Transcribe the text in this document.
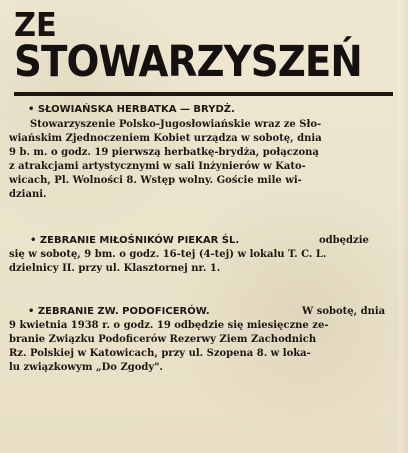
ZE
STOWARZYSZEŃ
• SŁOWIAŃSKA HERBATKA — BRYDŻ.
Stowarzyszenie Polsko-Jugosłowiańskie wraz ze Sło-
wiańskim Zjednoczeniem Kobiet urządza w sobotę, dnia
9 b. m. o godz. 19 pierwszą herbatkę-brydża, połączoną
z atrakcjami artystycznymi w sali Inżynierów w Kato-
wicach, Pl. Wolności 8. Wstęp wolny. Goście mile wi-
dziani.
• ZEBRANIE MIŁOŚNIKÓW PIEKAR ŚL.	odbędzie
się w sobotę, 9 bm. o godz. 16-tej (4-tej) w lokalu T. C. L.
dzielnicy II. przy ul. Klasztornej nr. 1.
• ZEBRANIE ZW. PODOFICERÓW.	W sobotę, dnia
9 kwietnia 1938 r. o godz. 19 odbędzie się miesięczne ze-
branie Związku Podoficerów Rezerwy Ziem Zachodnich
Rz. Polskiej w Katowicach, przy ul. Szopena 8. w loka-
lu związkowym „Do Zgody".
